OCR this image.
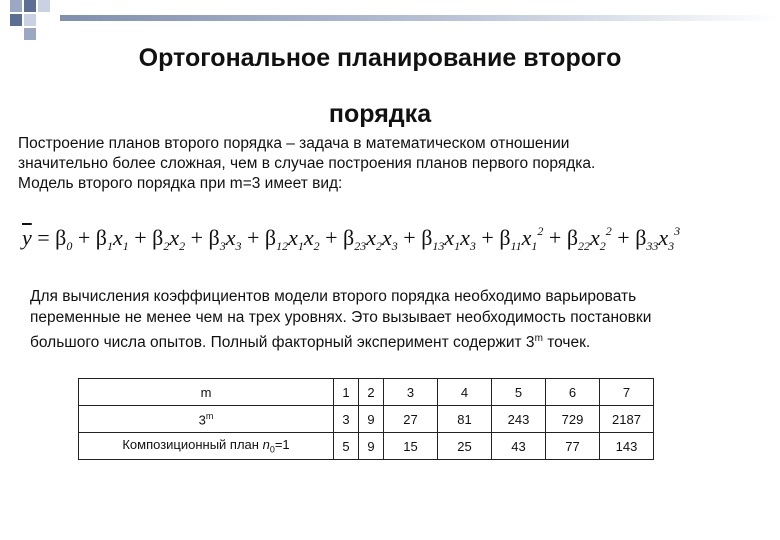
Ортогональное планирование второго
порядка

Построение планов второго порядка – задача в математическом отношении

значительно более сложная, чем в случае построения планов первого порядка.

Модель второго порядка при m=3 имеет вид:

$\overline{y} = \beta_0 + \beta_1x_1 + \beta_2x_2 + \beta_3x_3 + \beta_{12}x_1x_2 + \beta_{23}x_2x_3 + \beta_{13}x_1x_3 + \beta_{11}x_1^2 + \beta_{22}x_2^2 + \beta_{33}x_3^3$
Для вычисления коэффициентов модели второго порядка необходимо варьировать
переменные не менее чем на трех уровнях. Это вызывает необходимость постановки
большого числа опытов. Полный факторный эксперимент содержит 3$^m$ точек.
m	1	2	3	4	5	6	7
3$^m$	3	9	27	81	243	729	2187
Композиционный план $n_0=1$	5	9	15	25	43	77	143
